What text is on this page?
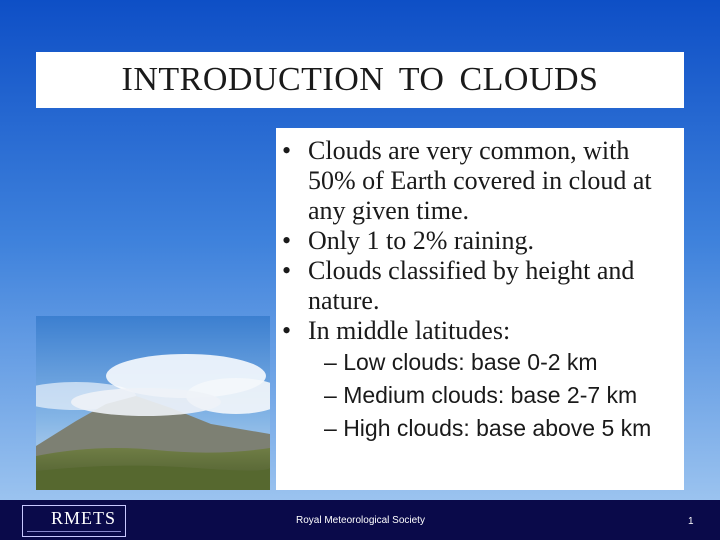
INTRODUCTION TO CLOUDS
• Clouds are very common, with 50% of Earth covered in cloud at any given time.
• Only 1 to 2% raining.
• Clouds classified by height and nature.
• In middle latitudes:
– Low clouds: base 0-2 km
– Medium clouds: base 2-7 km
– High clouds: base above 5 km
RMETS	Royal Meteorological Society	1
